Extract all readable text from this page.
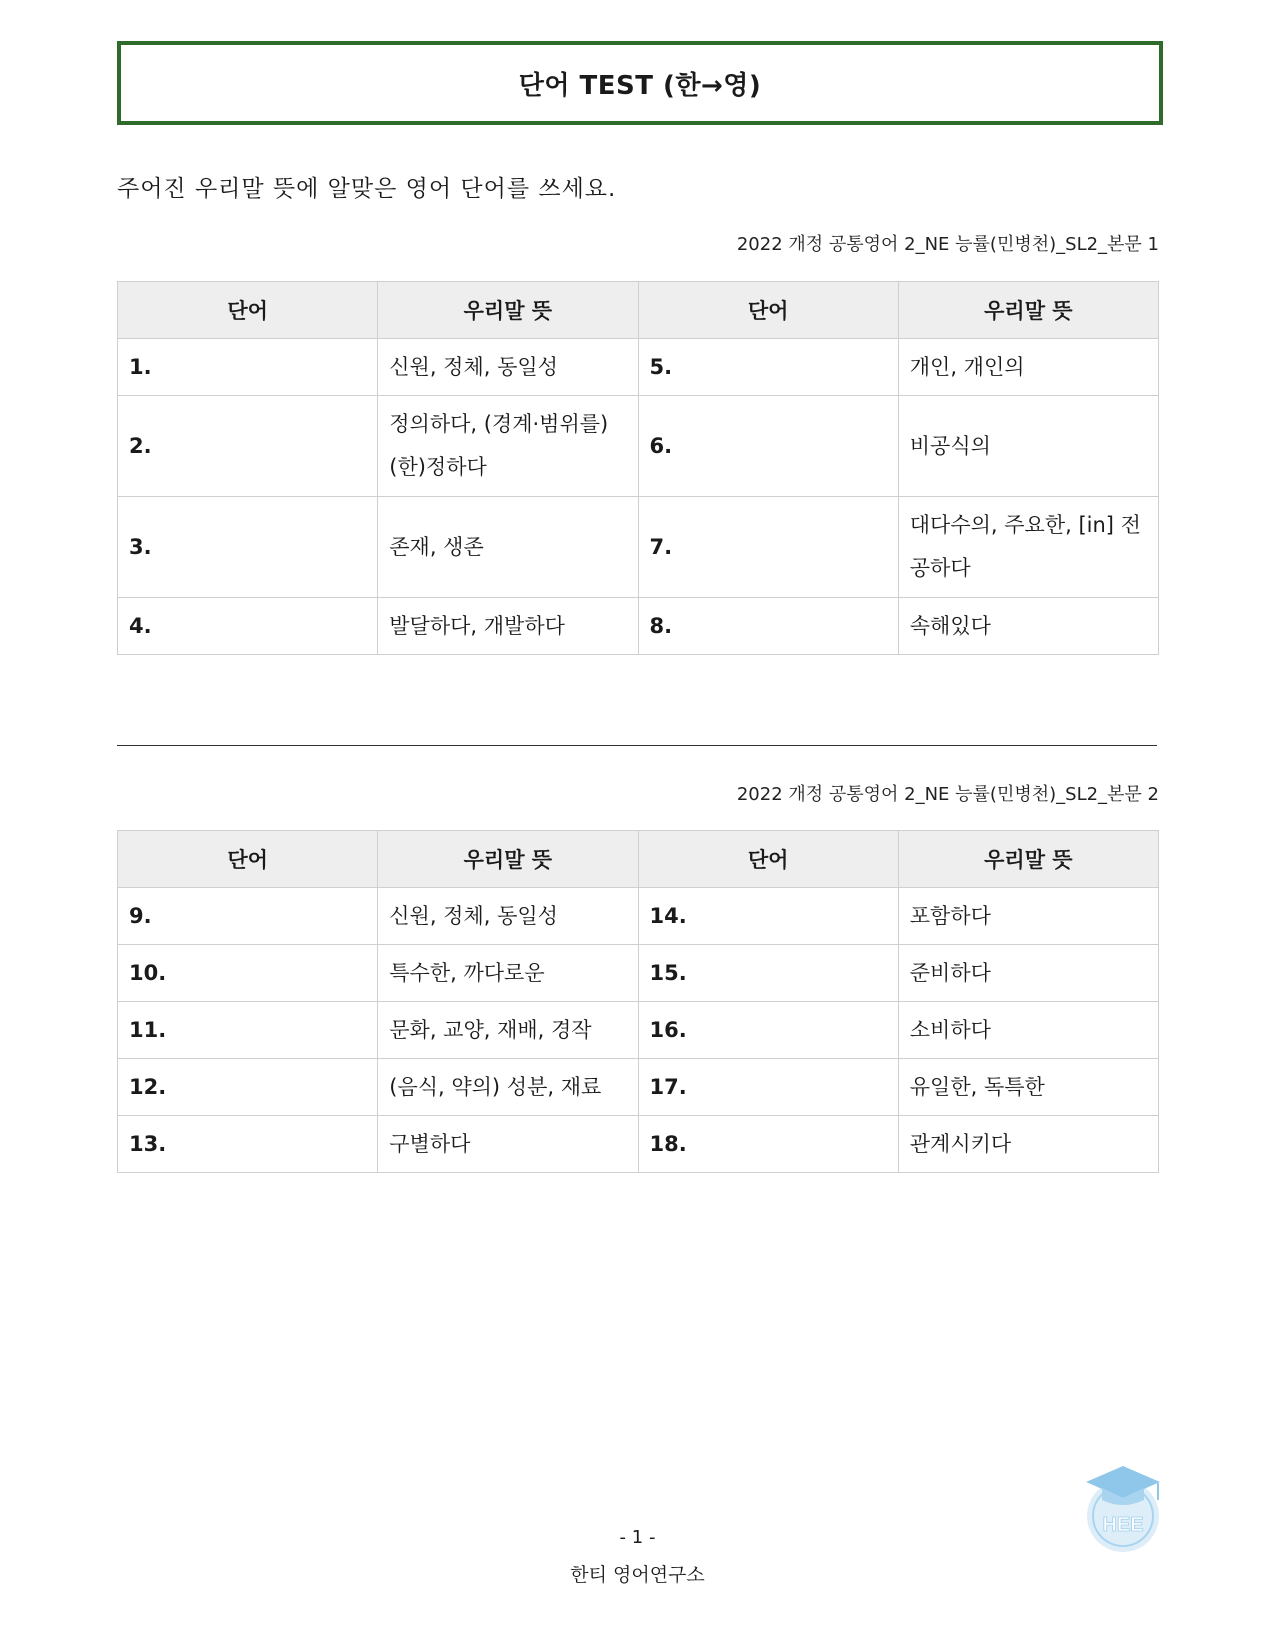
단어 TEST (한→영)
주어진 우리말 뜻에 알맞은 영어 단어를 쓰세요.
2022 개정 공통영어 2_NE 능률(민병천)_SL2_본문 1
단어	우리말 뜻	단어	우리말 뜻
1.	신원, 정체, 동일성	5.	개인, 개인의
2.	정의하다, (경계·범위를) (한)정하다	6.	비공식의
3.	존재, 생존	7.	대다수의, 주요한, [in] 전공하다
4.	발달하다, 개발하다	8.	속해있다
2022 개정 공통영어 2_NE 능률(민병천)_SL2_본문 2
단어	우리말 뜻	단어	우리말 뜻
9.	신원, 정체, 동일성	14.	포함하다
10.	특수한, 까다로운	15.	준비하다
11.	문화, 교양, 재배, 경작	16.	소비하다
12.	(음식, 약의) 성분, 재료	17.	유일한, 독특한
13.	구별하다	18.	관계시키다
- 1 -
한티 영어연구소
HEE
